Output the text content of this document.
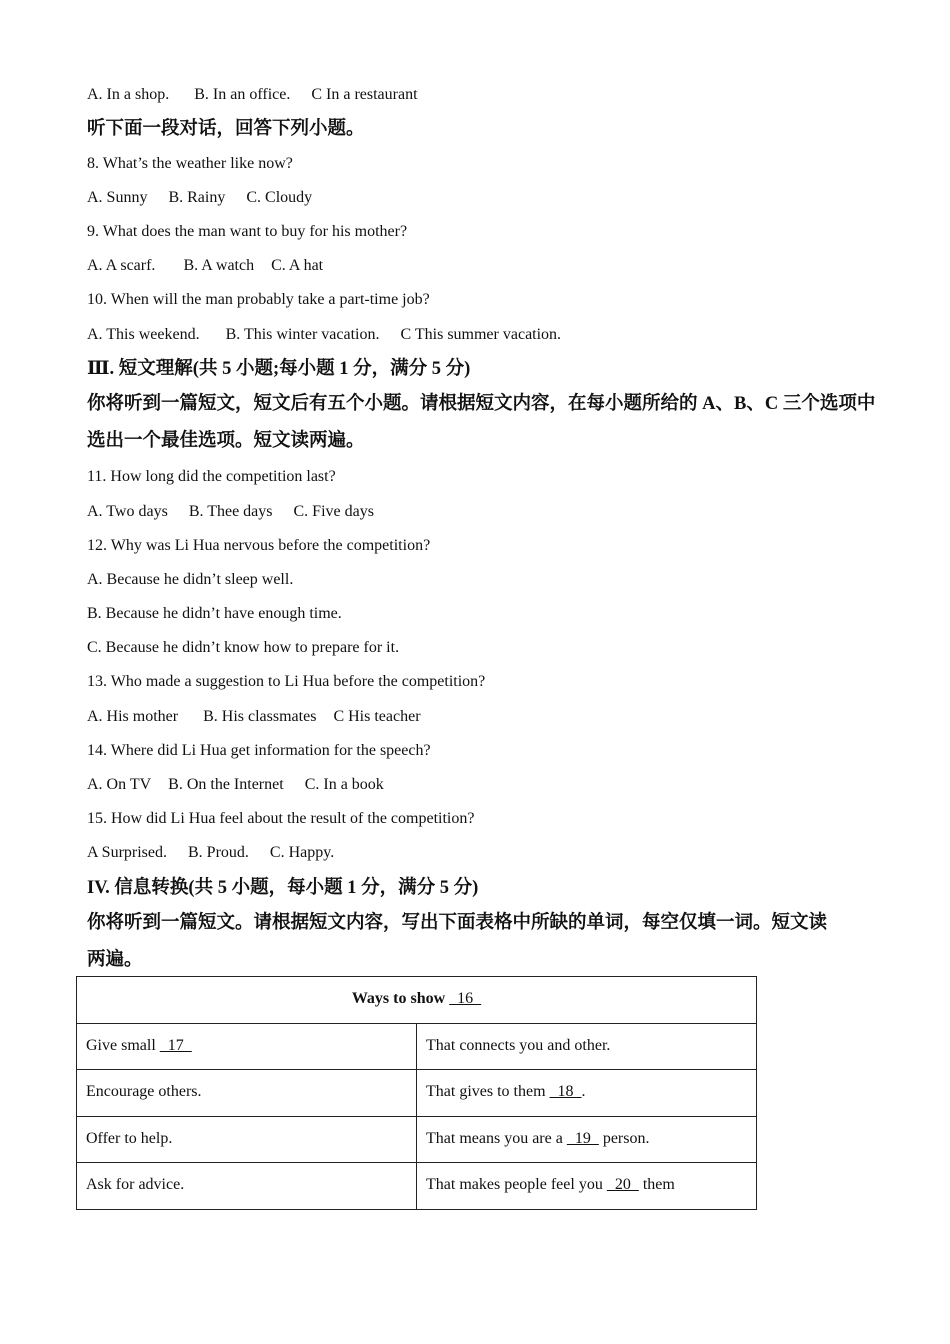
A. In a shop. B. In an office. C In a restaurant
听下面一段对话，回答下列小题。
8. What’s the weather like now?
A. Sunny B. Rainy C. Cloudy
9. What does the man want to buy for his mother?
A. A scarf. B. A watch C. A hat
10. When will the man probably take a part-time job?
A. This weekend. B. This winter vacation. C This summer vacation.
Ⅲ. 短文理解(共 5 小题;每小题 1 分，满分 5 分)
你将听到一篇短文，短文后有五个小题。请根据短文内容，在每小题所给的 A、B、C 三个选项中选出一个最佳选项。短文读两遍。
11. How long did the competition last?
A. Two days B. Thee days C. Five days
12. Why was Li Hua nervous before the competition?
A. Because he didn’t sleep well.
B. Because he didn’t have enough time.
C. Because he didn’t know how to prepare for it.
13. Who made a suggestion to Li Hua before the competition?
A. His mother B. His classmates C His teacher
14. Where did Li Hua get information for the speech?
A. On TV B. On the Internet C. In a book
15. How did Li Hua feel about the result of the competition?
A Surprised. B. Proud. C. Happy.
IV. 信息转换(共 5 小题，每小题 1 分，满分 5 分)
你将听到一篇短文。请根据短文内容，写出下面表格中所缺的单词，每空仅填一词。短文读
两遍。
Ways to show   16	
Give small   17	That connects you and other.
Encourage others.	That gives to them   18  .
Offer to help.	That means you are a   19   person.
Ask for advice.	That makes people feel you   20   them
